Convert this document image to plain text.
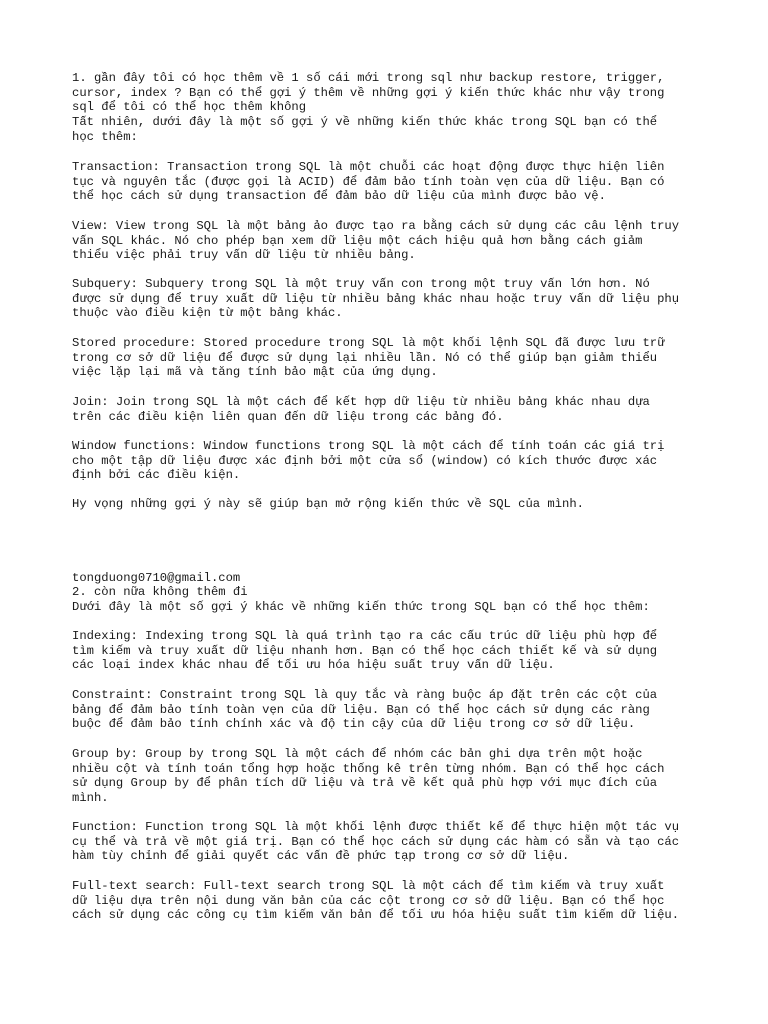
1. gần đây tôi có học thêm về 1 số cái mới trong sql như backup restore, trigger,
cursor, index ? Bạn có thể gợi ý thêm về những gợi ý kiến thức khác như vậy trong
sql để tôi có thể học thêm không

Tất nhiên, dưới đây là một số gợi ý về những kiến thức khác trong SQL bạn có thể
học thêm:

Transaction: Transaction trong SQL là một chuỗi các hoạt động được thực hiện liên
tục và nguyên tắc (được gọi là ACID) để đảm bảo tính toàn vẹn của dữ liệu. Bạn có
thể học cách sử dụng transaction để đảm bảo dữ liệu của mình được bảo vệ.

View: View trong SQL là một bảng ảo được tạo ra bằng cách sử dụng các câu lệnh truy
vấn SQL khác. Nó cho phép bạn xem dữ liệu một cách hiệu quả hơn bằng cách giảm
thiểu việc phải truy vấn dữ liệu từ nhiều bảng.

Subquery: Subquery trong SQL là một truy vấn con trong một truy vấn lớn hơn. Nó
được sử dụng để truy xuất dữ liệu từ nhiều bảng khác nhau hoặc truy vấn dữ liệu phụ
thuộc vào điều kiện từ một bảng khác.

Stored procedure: Stored procedure trong SQL là một khối lệnh SQL đã được lưu trữ
trong cơ sở dữ liệu để được sử dụng lại nhiều lần. Nó có thể giúp bạn giảm thiểu
việc lặp lại mã và tăng tính bảo mật của ứng dụng.

Join: Join trong SQL là một cách để kết hợp dữ liệu từ nhiều bảng khác nhau dựa
trên các điều kiện liên quan đến dữ liệu trong các bảng đó.

Window functions: Window functions trong SQL là một cách để tính toán các giá trị
cho một tập dữ liệu được xác định bởi một cửa sổ (window) có kích thước được xác
định bởi các điều kiện.

Hy vọng những gợi ý này sẽ giúp bạn mở rộng kiến thức về SQL của mình.

tongduong0710@gmail.com

2. còn nữa không thêm đi

Dưới đây là một số gợi ý khác về những kiến thức trong SQL bạn có thể học thêm:

Indexing: Indexing trong SQL là quá trình tạo ra các cấu trúc dữ liệu phù hợp để
tìm kiếm và truy xuất dữ liệu nhanh hơn. Bạn có thể học cách thiết kế và sử dụng
các loại index khác nhau để tối ưu hóa hiệu suất truy vấn dữ liệu.

Constraint: Constraint trong SQL là quy tắc và ràng buộc áp đặt trên các cột của
bảng để đảm bảo tính toàn vẹn của dữ liệu. Bạn có thể học cách sử dụng các ràng
buộc để đảm bảo tính chính xác và độ tin cậy của dữ liệu trong cơ sở dữ liệu.

Group by: Group by trong SQL là một cách để nhóm các bản ghi dựa trên một hoặc
nhiều cột và tính toán tổng hợp hoặc thống kê trên từng nhóm. Bạn có thể học cách
sử dụng Group by để phân tích dữ liệu và trả về kết quả phù hợp với mục đích của
mình.

Function: Function trong SQL là một khối lệnh được thiết kế để thực hiện một tác vụ
cụ thể và trả về một giá trị. Bạn có thể học cách sử dụng các hàm có sẵn và tạo các
hàm tùy chỉnh để giải quyết các vấn đề phức tạp trong cơ sở dữ liệu.

Full-text search: Full-text search trong SQL là một cách để tìm kiếm và truy xuất
dữ liệu dựa trên nội dung văn bản của các cột trong cơ sở dữ liệu. Bạn có thể học
cách sử dụng các công cụ tìm kiếm văn bản để tối ưu hóa hiệu suất tìm kiếm dữ liệu.
